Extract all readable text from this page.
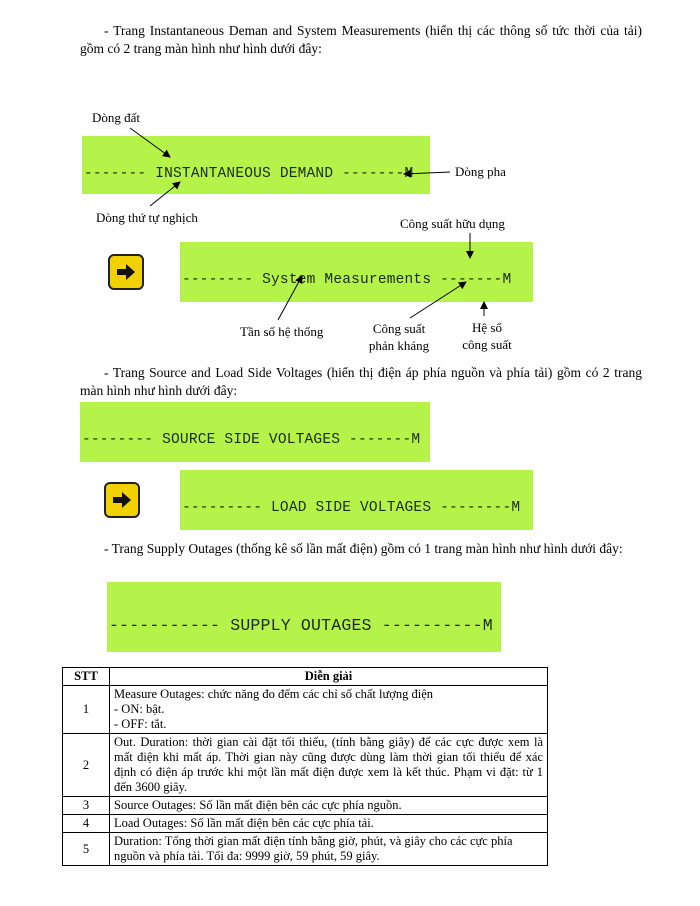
- Trang Instantaneous Deman and System Measurements (hiển thị các thông số tức thời của tải) gồm có 2 trang màn hình như hình dưới đây:

------- INSTANTANEOUS DEMAND -------M

-------- System Measurements -------M

Dòng đất
Dòng pha
Dòng thứ tự nghịch	Công suất hữu dụng
Tần số hệ thống	Công suất
phản kháng
Hệ số
công suất
- Trang Source and Load Side Voltages (hiển thị điện áp phía nguồn và phía tải) gồm có 2 trang màn hình như hình dưới đây:

-------- SOURCE SIDE VOLTAGES -------M

--------- LOAD SIDE VOLTAGES --------M

- Trang Supply Outages (thống kê số lần mất điện) gồm có 1 trang màn hình như hình dưới đây:

----------- SUPPLY OUTAGES ----------M

STT	Diễn giải
1	Measure Outages: chức năng đo đếm các chỉ số chất lượng điện
- ON: bật.
- OFF: tắt.

2	Out. Duration: thời gian cài đặt tối thiểu, (tính bằng giây) để các cực được xem là mất điện khi mất áp. Thời gian này cũng được dùng làm thời gian tối thiểu để xác định có điện áp trước khi một lần mất điện được xem là kết thúc. Phạm vi đặt: từ 1 đến 3600 giây.
3	Source Outages: Số lần mất điện bên các cực phía nguồn.
4	Load Outages: Số lần mất điện bên các cực phía tải.
5	Duration: Tổng thời gian mất điện tính bằng giờ, phút, và giây cho các cực phía nguồn và phía tải. Tối đa: 9999 giờ, 59 phút, 59 giây.
